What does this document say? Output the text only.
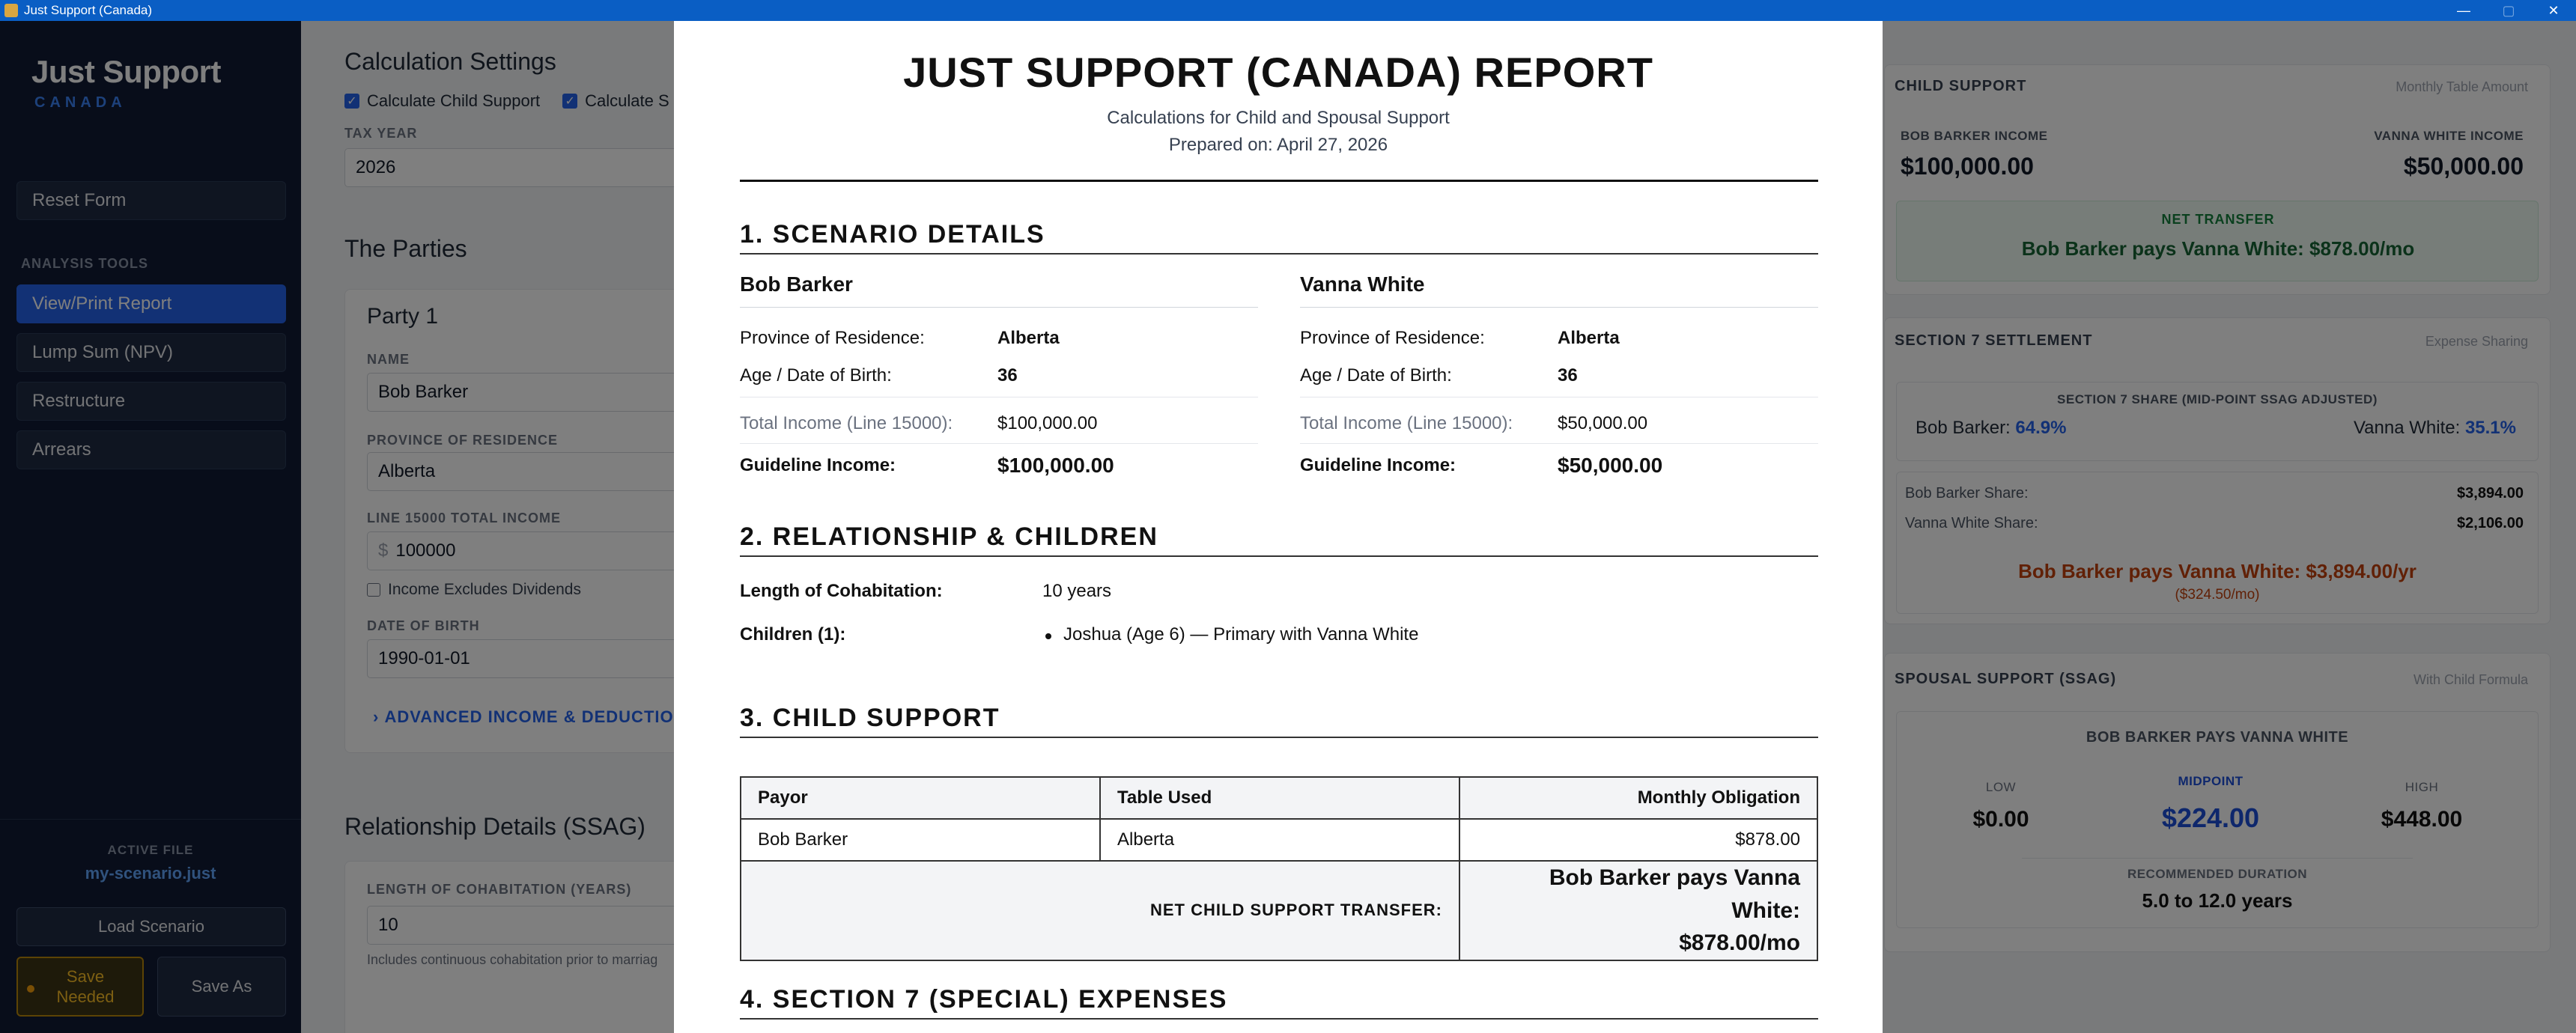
Just Support (Canada)	—	▢	✕
JUST SUPPORT (CANADA) REPORT
Calculations for Child and Spousal Support
Prepared on: April 27, 2026
1. SCENARIO DETAILS
Bob Barker
Province of Residence:	Alberta
Age / Date of Birth:	36
Total Income (Line 15000): $100,000.00
Guideline Income:	$100,000.00
Vanna White
Province of Residence:	Alberta
Age / Date of Birth:	36
Total Income (Line 15000): $50,000.00
Guideline Income:	$50,000.00
2. RELATIONSHIP & CHILDREN
Length of Cohabitation:	10 years
Children (1):	Joshua (Age 6) — Primary with Vanna White
3. CHILD SUPPORT
Payor	Table Used	Monthly Obligation
Bob Barker	Alberta	$878.00
NET CHILD SUPPORT TRANSFER:		Bob Barker pays Vanna White:
$878.00/mo
4. SECTION 7 (SPECIAL) EXPENSES
